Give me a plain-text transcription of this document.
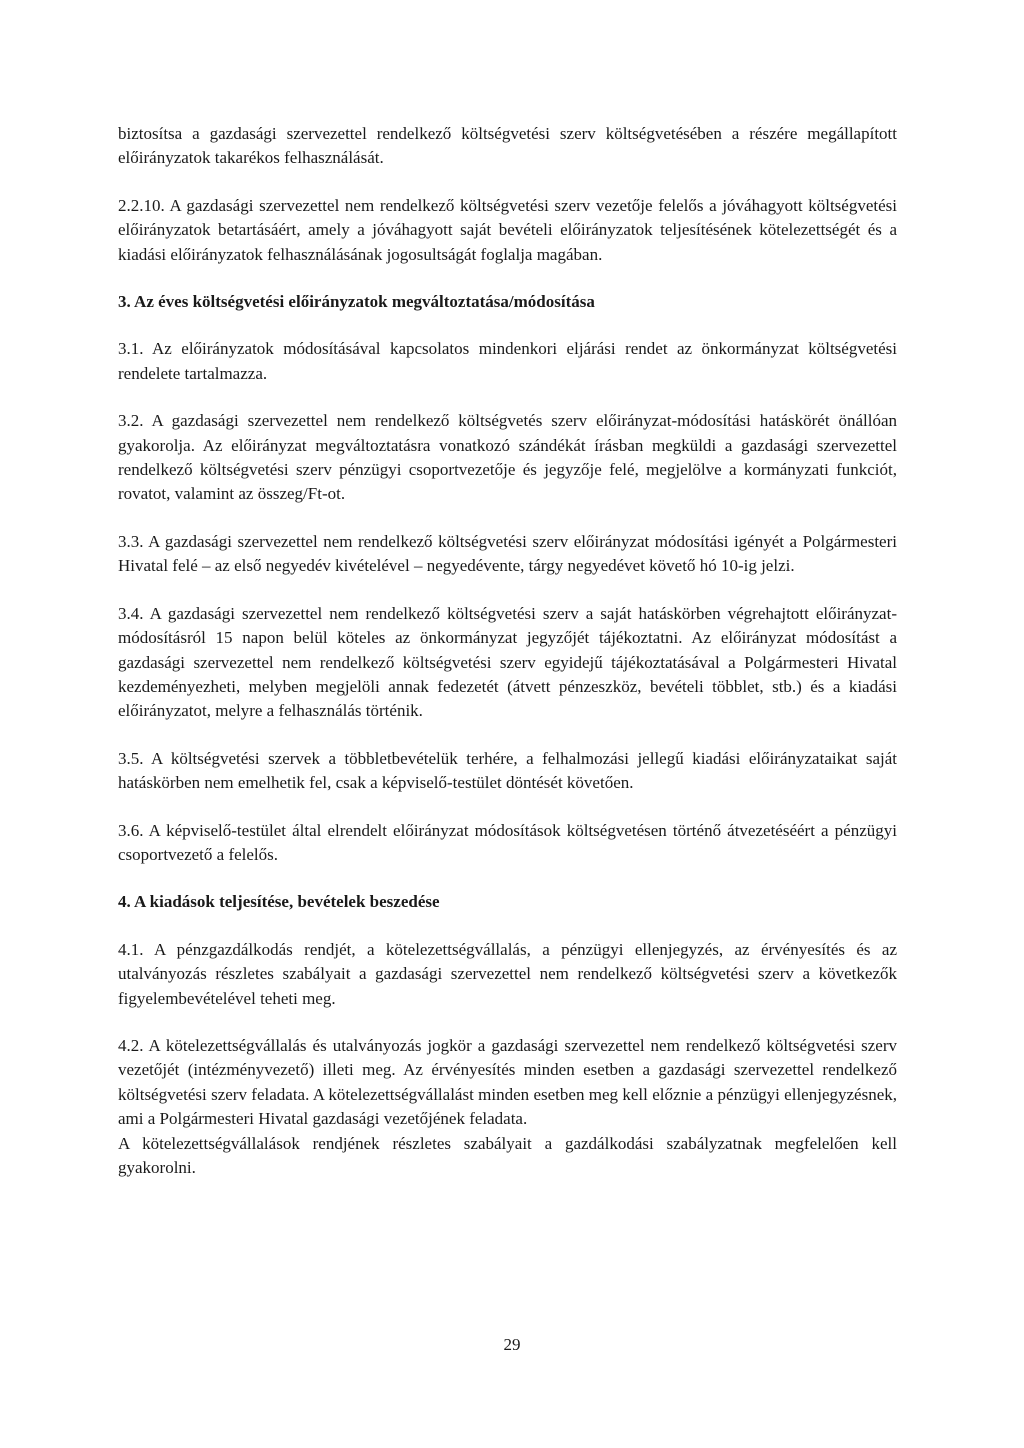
biztosítsa a gazdasági szervezettel rendelkező költségvetési szerv költségvetésében a részére megállapított előirányzatok takarékos felhasználását.

2.2.10. A gazdasági szervezettel nem rendelkező költségvetési szerv vezetője felelős a jóváhagyott költségvetési előirányzatok betartásáért, amely a jóváhagyott saját bevételi előirányzatok teljesítésének kötelezettségét és a kiadási előirányzatok felhasználásának jogosultságát foglalja magában.

3. Az éves költségvetési előirányzatok megváltoztatása/módosítása

3.1. Az előirányzatok módosításával kapcsolatos mindenkori eljárási rendet az önkormányzat költségvetési rendelete tartalmazza.

3.2. A gazdasági szervezettel nem rendelkező költségvetés szerv előirányzat-módosítási hatáskörét önállóan gyakorolja. Az előirányzat megváltoztatásra vonatkozó szándékát írásban megküldi a gazdasági szervezettel rendelkező költségvetési szerv pénzügyi csoportvezetője és jegyzője felé, megjelölve a kormányzati funkciót, rovatot, valamint az összeg/Ft-ot.

3.3. A gazdasági szervezettel nem rendelkező költségvetési szerv előirányzat módosítási igényét a Polgármesteri Hivatal felé – az első negyedév kivételével – negyedévente, tárgy negyedévet követő hó 10-ig jelzi.

3.4. A gazdasági szervezettel nem rendelkező költségvetési szerv a saját hatáskörben végrehajtott előirányzat-módosításról 15 napon belül köteles az önkormányzat jegyzőjét tájékoztatni. Az előirányzat módosítást a gazdasági szervezettel nem rendelkező költségvetési szerv egyidejű tájékoztatásával a Polgármesteri Hivatal kezdeményezheti, melyben megjelöli annak fedezetét (átvett pénzeszköz, bevételi többlet, stb.) és a kiadási előirányzatot, melyre a felhasználás történik.

3.5. A költségvetési szervek a többletbevételük terhére, a felhalmozási jellegű kiadási előirányzataikat saját hatáskörben nem emelhetik fel, csak a képviselő-testület döntését követően.

3.6. A képviselő-testület által elrendelt előirányzat módosítások költségvetésen történő átvezetéséért a pénzügyi csoportvezető a felelős.

4. A kiadások teljesítése, bevételek beszedése

4.1. A pénzgazdálkodás rendjét, a kötelezettségvállalás, a pénzügyi ellenjegyzés, az érvényesítés és az utalványozás részletes szabályait a gazdasági szervezettel nem rendelkező költségvetési szerv a következők figyelembevételével teheti meg.

4.2. A kötelezettségvállalás és utalványozás jogkör a gazdasági szervezettel nem rendelkező költségvetési szerv vezetőjét (intézményvezető) illeti meg. Az érvényesítés minden esetben a gazdasági szervezettel rendelkező költségvetési szerv feladata. A kötelezettségvállalást minden esetben meg kell előznie a pénzügyi ellenjegyzésnek, ami a Polgármesteri Hivatal gazdasági vezetőjének feladata.

A kötelezettségvállalások rendjének részletes szabályait a gazdálkodási szabályzatnak megfelelően kell gyakorolni.

29
